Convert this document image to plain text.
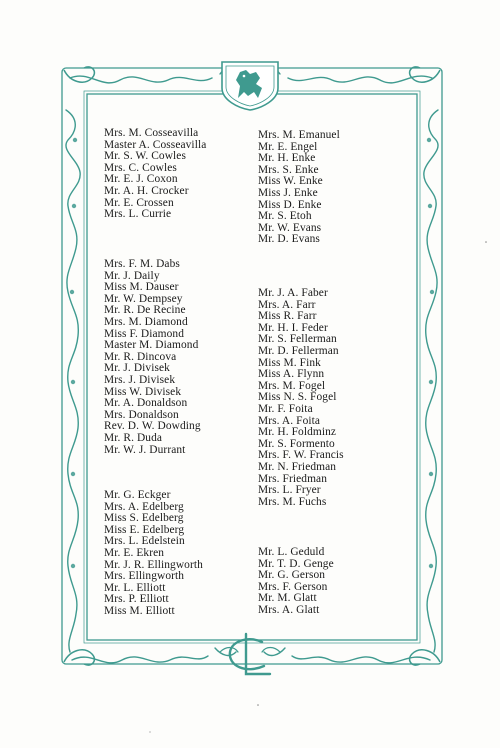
Mrs. M. Cosseavilla
Master A. Cosseavilla
Mr. S. W. Cowles
Mrs. C. Cowles
Mr. E. J. Coxon
Mr. A. H. Crocker
Mr. E. Crossen
Mrs. L. Currie
Mrs. F. M. Dabs
Mr. J. Daily
Miss M. Dauser
Mr. W. Dempsey
Mr. R. De Recine
Mrs. M. Diamond
Miss F. Diamond
Master M. Diamond
Mr. R. Dincova
Mr. J. Divisek
Mrs. J. Divisek
Miss W. Divisek
Mr. A. Donaldson
Mrs. Donaldson
Rev. D. W. Dowding
Mr. R. Duda
Mr. W. J. Durrant
Mr. G. Eckger
Mrs. A. Edelberg
Miss S. Edelberg
Miss E. Edelberg
Mrs. L. Edelstein
Mr. E. Ekren
Mr. J. R. Ellingworth
Mrs. Ellingworth
Mr. L. Elliott
Mrs. P. Elliott
Miss M. Elliott
Mrs. M. Emanuel
Mr. E. Engel
Mr. H. Enke
Mrs. S. Enke
Miss W. Enke
Miss J. Enke
Miss D. Enke
Mr. S. Etoh
Mr. W. Evans
Mr. D. Evans
Mr. J. A. Faber
Mrs. A. Farr
Miss R. Farr
Mr. H. I. Feder
Mr. S. Fellerman
Mr. D. Fellerman
Miss M. Fink
Miss A. Flynn
Mrs. M. Fogel
Miss N. S. Fogel
Mr. F. Foita
Mrs. A. Foita
Mr. H. Foldminz
Mr. S. Formento
Mrs. F. W. Francis
Mr. N. Friedman
Mrs. Friedman
Mrs. L. Fryer
Mrs. M. Fuchs
Mr. L. Geduld
Mr. T. D. Genge
Mr. G. Gerson
Mrs. F. Gerson
Mr. M. Glatt
Mrs. A. Glatt
